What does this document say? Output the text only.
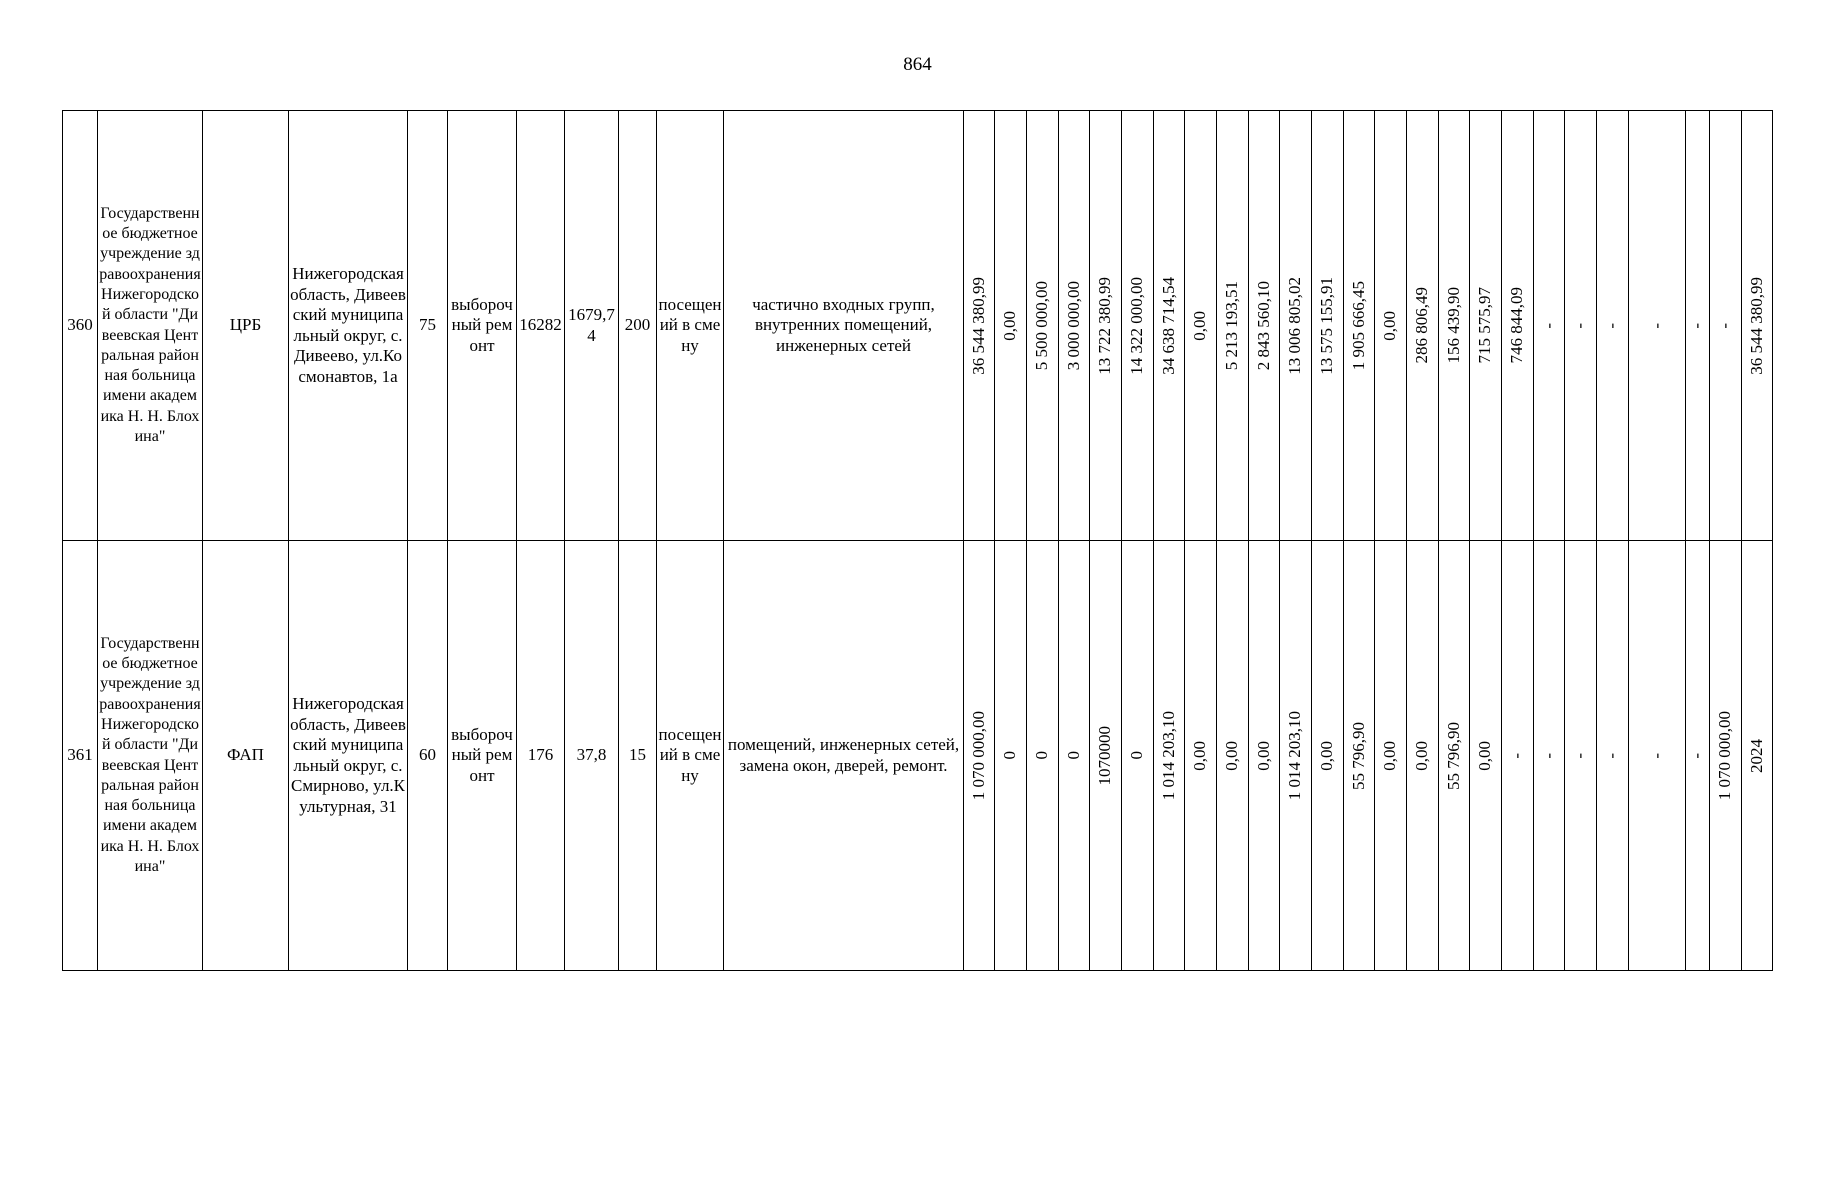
864
360	Государственное бюджетное учреждение здравоохранения Нижегородской области "Дивеевская Центральная районная больница имени академика Н. Н. Блохина"	ЦРБ	Нижегородская область, Дивеевский муниципальный округ, с. Дивеево, ул.Космонавтов, 1а	75	выборочный ремонт	16282	1679,74	200	посещений в смену	частично входных групп, внутренних помещений, инженерных сетей	36 544 380,99	0,00	5 500 000,00	3 000 000,00	13 722 380,99	14 322 000,00	34 638 714,54	0,00	5 213 193,51	2 843 560,10	13 006 805,02	13 575 155,91	1 905 666,45	0,00	286 806,49	156 439,90	715 575,97	746 844,09	-	-	-	-	-	-	36 544 380,99

361	Государственное бюджетное учреждение здравоохранения Нижегородской области "Дивеевская Центральная районная больница имени академика Н. Н. Блохина"	ФАП	Нижегородская область, Дивеевский муниципальный округ, с. Смирново, ул.Культурная, 31	60	выборочный ремонт	176	37,8	15	посещений в смену	помещений, инженерных сетей, замена окон, дверей, ремонт.	1 070 000,00	0	0	0	1070000	0	1 014 203,10	0,00	0,00	0,00	1 014 203,10	0,00	55 796,90	0,00	0,00	55 796,90	0,00	-	-	-	-	-	-	1 070 000,00	2024
